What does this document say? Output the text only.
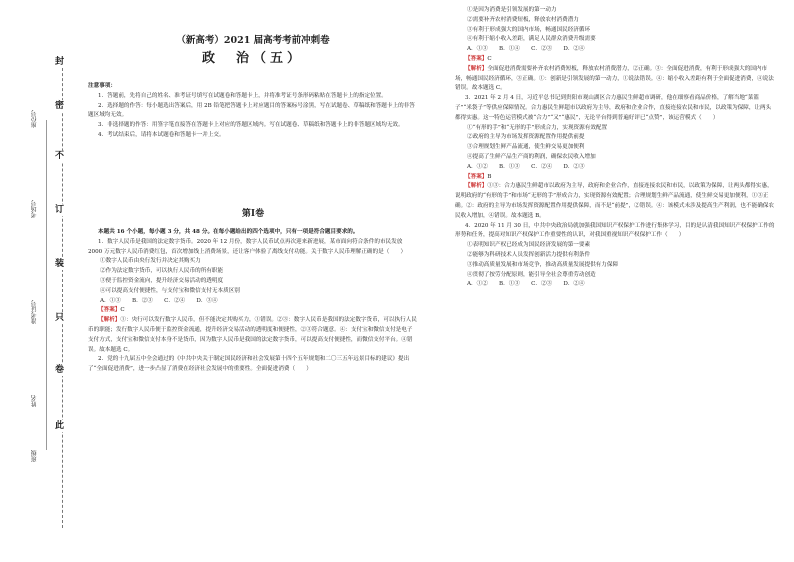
此
卷
只
装
订
不
密
封
班级
姓名
准考证号
考场号
座位号
（新高考）2021 届高考考前冲刺卷
政　治（五）

注意事项：

1．答题前，先将自己的姓名、准考证号填写在试题卷和答题卡上，并将准考证号条形码粘贴在答题卡上的指定位置。

2．选择题的作答：每小题选出答案后，用 2B 铅笔把答题卡上对应题目的答案标号涂黑，写在试题卷、草稿纸和答题卡上的非答题区域均无效。

3．非选择题的作答：用签字笔直接答在答题卡上对应的答题区域内。写在试题卷、草稿纸和答题卡上的非答题区域均无效。

4．考试结束后，请将本试题卷和答题卡一并上交。

第Ⅰ卷

本题共 16 个小题，每小题 3 分，共 48 分。在每小题给出的四个选项中，只有一项是符合题目要求的。

1．数字人民币是我国的法定数字货币。2020 年 12 月份，数字人民币试点再次迎来新进展，某市面向符合条件的市民发放 2000 万元数字人民币消费红包，首次增加线上消费场景，还让客户体验了离线支付功能。关于数字人民币理解正确的是（　　）

①数字人民币由央行发行并决定其购买力

②作为法定数字货币，可以执行人民币的所有职能

③便于监控资金流向，提升经济交易活动的透明度

④可以提高支付便捷性，与支付宝和微信支付无本质区别

A．①③　　B．②③　　C．②④　　D．③④

【答案】C

【解析】①：央行可以发行数字人民币，但不能决定其购买力，①错误。②③：数字人民币是我国的法定数字货币，可以执行人民币的职能；发行数字人民币便于监控资金流通，提升经济交易活动的透明度和便捷性，②③符合题意。④：支付宝和微信支付是电子支付方式，支付宝和微信支付本身不是货币，因为数字人民币是我国的法定数字货币，可以提高支付便捷性，而微信支付平台。④错误。故本题选 C。

2．党的十九届五中全会通过的《中共中央关于制定国民经济和社会发展第十四个五年规划和二〇三五年远景目标的建议》提出了“全面促进消费”，进一步凸显了消费在经济社会发展中的重要性。全面促进消费（　　）

①是因为消费是引领发展的第一动力

②需要补齐农村消费短板，释放农村消费潜力

③有利于形成强大的国内市场，畅通国民经济循环

④有利于缩小收入差距，满足人民群众消费升级需要

A．①③　　B．①④　　C．②③　　D．②④

【答案】C

【解析】全面促进消费需要补齐农村消费短板，释放农村消费潜力，②正确。③：全面促进消费，有利于形成强大的国内市场，畅通国民经济循环，③正确。①：创新是引领发展的第一动力，①说法错误。④：缩小收入差距有利于全面促进消费，④说法错误。故本题选 C。

3．2021 年 2 月 4 日，习近平总书记到贵阳市观山湖区合力惠民生鲜超市调研，他在细察看商品价格，了解当地“菜篮子”“米袋子”等供应保障情况。合力惠民生鲜超市以政府为主导，政府和企业合作，直接连接农民和市民，以政策为保障，让两头都得实惠。这一特色运营模式被“合力”“又”“惠民”，无论平台得到普遍好评已“点赞”，该运营模式（　　）

①“有形的手”和“无形的手”形成合力，实现资源有效配置

②政府的主导为市场发挥资源配置作用提供前提

③合理规划生鲜产品流通，使生鲜交易更加便利

④提高了生鲜产品生产商的利润，确保农民收入增加

A．①②　　B．①③　　C．②④　　D．②③

【答案】B

【解析】①③：合力惠民生鲜超市以政府为主导，政府和企业合作，直接连接农民和市民，以政策为保障，让两头都得实惠，说明政府的“有形的手”和市场“无形的手”形成合力，实现资源有效配置；合理规划生鲜产品流通，使生鲜交易更加便利，①③正确。②：政府的主导为市场发挥资源配置作用提供保障，而不是“前提”，②错误。④：该模式未涉及提高生产利润，也不能确保农民收入增加，④错误。故本题选 B。

4．2020 年 11 月 30 日，中共中央政治局就加强我国知识产权保护工作进行集体学习，目的是认清我国知识产权保护工作的形势和任务，提高对知识产权保护工作重要性的认识，对我国重视知识产权保护工作（　　）

①表明知识产权已经成为国民经济发展的第一要素

②能够为科研技术人员发挥创新活力提供有利条件

③推动高质量发展和市场竞争，推动高质量发展提供有力保障

④贯彻了按劳分配原则，能引导全社会尊重劳动创造

A．①②　　B．①③　　C．②③　　D．②④
